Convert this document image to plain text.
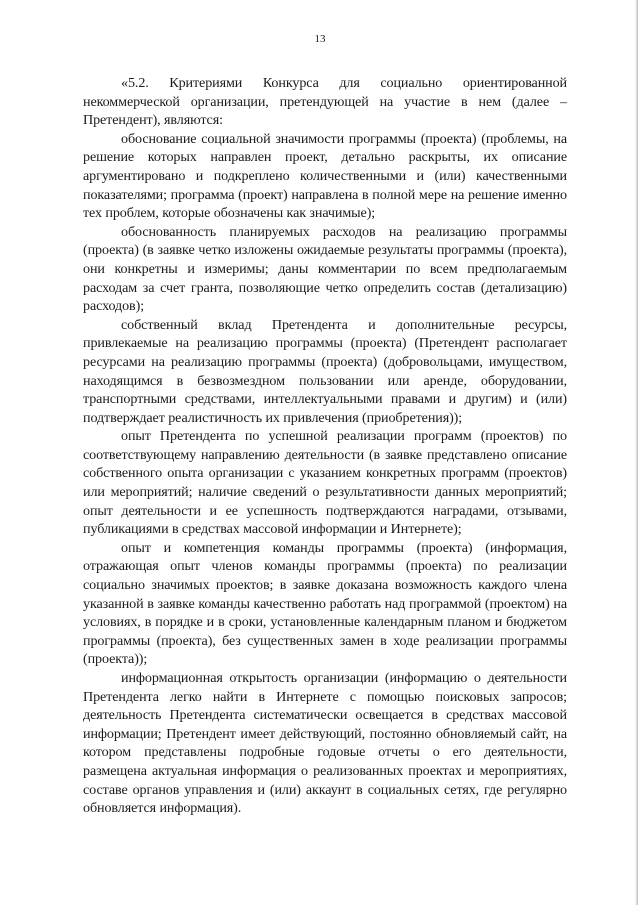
13

«5.2. Критериями Конкурса для социально ориентированной некоммерческой организации, претендующей на участие в нем (далее – Претендент), являются:

обоснование социальной значимости программы (проекта) (проблемы, на решение которых направлен проект, детально раскрыты, их описание аргументировано и подкреплено количественными и (или) качественными показателями; программа (проект) направлена в полной мере на решение именно тех проблем, которые обозначены как значимые);

обоснованность планируемых расходов на реализацию программы (проекта) (в заявке четко изложены ожидаемые результаты программы (проекта), они конкретны и измеримы; даны комментарии по всем предполагаемым расходам за счет гранта, позволяющие четко определить состав (детализацию) расходов);

собственный вклад Претендента и дополнительные ресурсы, привлекаемые на реализацию программы (проекта) (Претендент располагает ресурсами на реализацию программы (проекта) (добровольцами, имуществом, находящимся в безвозмездном пользовании или аренде, оборудовании, транспортными средствами, интеллектуальными правами и другим) и (или) подтверждает реалистичность их привлечения (приобретения));

опыт Претендента по успешной реализации программ (проектов) по соответствующему направлению деятельности (в заявке представлено описание собственного опыта организации с указанием конкретных программ (проектов) или мероприятий; наличие сведений о результативности данных мероприятий; опыт деятельности и ее успешность подтверждаются наградами, отзывами, публикациями в средствах массовой информации и Интернете);

опыт и компетенция команды программы (проекта) (информация, отражающая опыт членов команды программы (проекта) по реализации социально значимых проектов; в заявке доказана возможность каждого члена указанной в заявке команды качественно работать над программой (проектом) на условиях, в порядке и в сроки, установленные календарным планом и бюджетом программы (проекта), без существенных замен в ходе реализации программы (проекта));

информационная открытость организации (информацию о деятельности Претендента легко найти в Интернете с помощью поисковых запросов; деятельность Претендента систематически освещается в средствах массовой информации; Претендент имеет действующий, постоянно обновляемый сайт, на котором представлены подробные годовые отчеты о его деятельности, размещена актуальная информация о реализованных проектах и мероприятиях, составе органов управления и (или) аккаунт в социальных сетях, где регулярно обновляется информация).
